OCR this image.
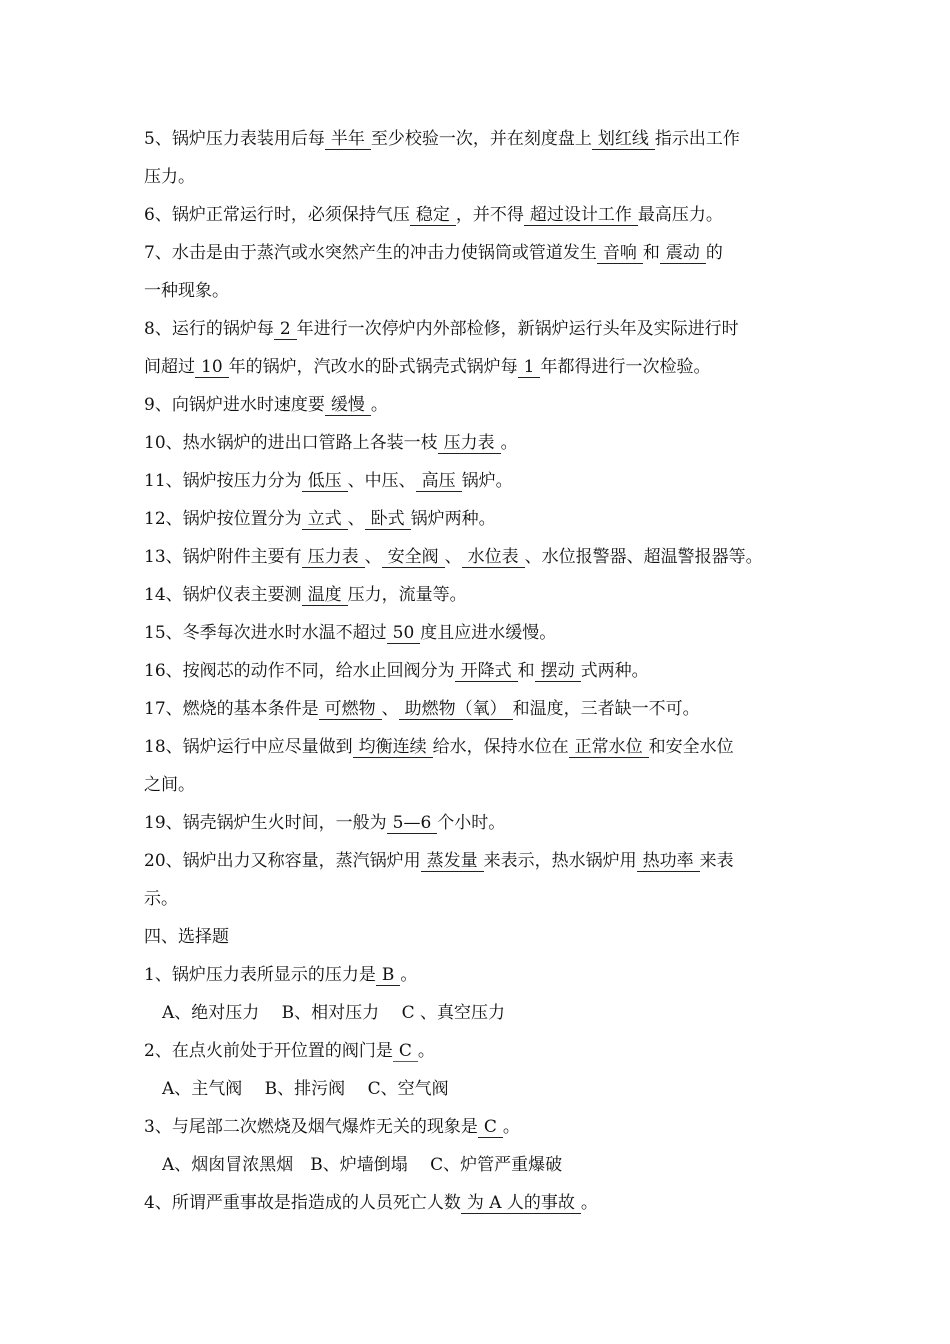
5、锅炉压力表装用后每 半年 至少校验一次，并在刻度盘上 划红线 指示出工作
压力。
6、锅炉正常运行时，必须保持气压 稳定 ，并不得 超过设计工作 最高压力。
7、水击是由于蒸汽或水突然产生的冲击力使锅筒或管道发生 音响 和 震动 的
一种现象。
8、运行的锅炉每 2 年进行一次停炉内外部检修，新锅炉运行头年及实际进行时
间超过 10 年的锅炉，汽改水的卧式锅壳式锅炉每 1 年都得进行一次检验。
9、向锅炉进水时速度要 缓慢 。
10、热水锅炉的进出口管路上各装一枝 压力表 。
11、锅炉按压力分为 低压 、中压、 高压 锅炉。
12、锅炉按位置分为 立式 、 卧式 锅炉两种。
13、锅炉附件主要有 压力表 、 安全阀 、 水位表 、水位报警器、超温警报器等。
14、锅炉仪表主要测 温度 压力，流量等。
15、冬季每次进水时水温不超过 50 度且应进水缓慢。
16、按阀芯的动作不同，给水止回阀分为 开降式 和 摆动 式两种。
17、燃烧的基本条件是 可燃物 、 助燃物（氧） 和温度，三者缺一不可。
18、锅炉运行中应尽量做到 均衡连续 给水，保持水位在 正常水位 和安全水位
之间。
19、锅壳锅炉生火时间，一般为 5—6 个小时。
20、锅炉出力又称容量，蒸汽锅炉用 蒸发量 来表示，热水锅炉用 热功率 来表
示。
四、选择题
1、锅炉压力表所显示的压力是 B 。
A、绝对压力　 B、相对压力　 C 、真空压力
2、在点火前处于开位置的阀门是 C 。
A、主气阀　 B、排污阀　 C、空气阀
3、与尾部二次燃烧及烟气爆炸无关的现象是 C 。
A、烟囱冒浓黑烟　B、炉墙倒塌　 C、炉管严重爆破
4、所谓严重事故是指造成的人员死亡人数 为 A 人的事故 。
